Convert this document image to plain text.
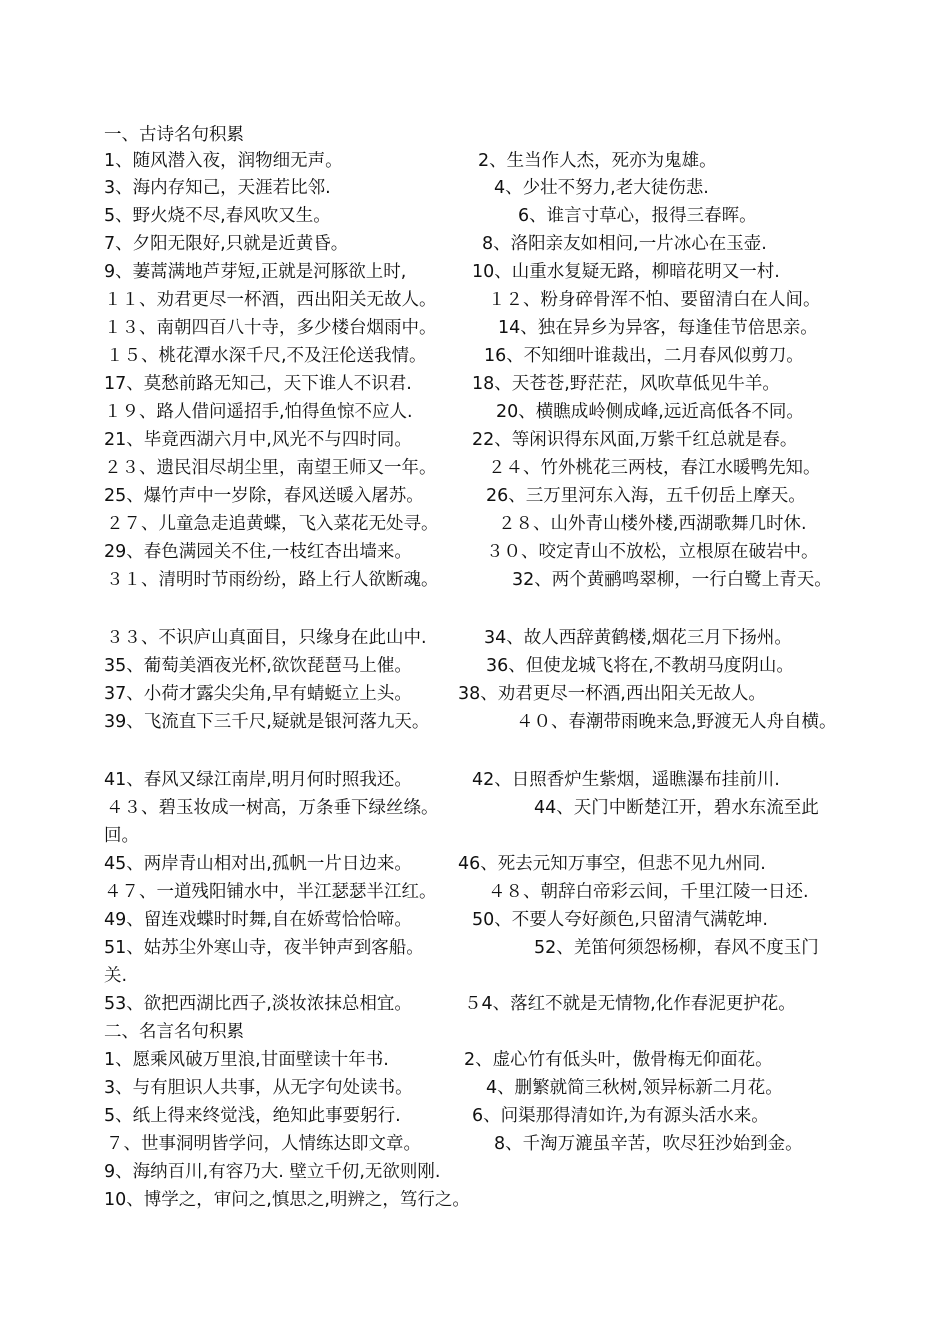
一、古诗名句积累
1、随风潜入夜，润物细无声。	2、生当作人杰，死亦为鬼雄。
3、海内存知己，天涯若比邻.	4、少壮不努力,老大徒伤悲.
5、野火烧不尽,春风吹又生。	6、谁言寸草心，报得三春晖。
7、夕阳无限好,只就是近黄昏。	8、洛阳亲友如相问,一片冰心在玉壶.
9、萋蒿满地芦芽短,正就是河豚欲上时,	10、山重水复疑无路，柳暗花明又一村.
１１、劝君更尽一杯酒，西出阳关无故人。	１２、粉身碎骨浑不怕、要留清白在人间。
１３、南朝四百八十寺，多少楼台烟雨中。	14、独在异乡为异客，每逢佳节倍思亲。
１５、桃花潭水深千尺,不及汪伦送我情。	16、不知细叶谁裁出，二月春风似剪刀。
17、莫愁前路无知己，天下谁人不识君.	18、天苍苍,野茫茫，风吹草低见牛羊。
１９、路人借问遥招手,怕得鱼惊不应人.	20、横瞧成岭侧成峰,远近高低各不同。
21、毕竟西湖六月中,风光不与四时同。	22、等闲识得东风面,万紫千红总就是春。
２３、遗民泪尽胡尘里，南望王师又一年。	２４、竹外桃花三两枝，春江水暖鸭先知。
25、爆竹声中一岁除，春风送暖入屠苏。	26、三万里河东入海，五千仞岳上摩天。
２７、儿童急走追黄蝶，飞入菜花无处寻。	２８、山外青山楼外楼,西湖歌舞几时休.
29、春色满园关不住,一枝红杏出墙来。	３０、咬定青山不放松，立根原在破岩中。
３１、清明时节雨纷纷，路上行人欲断魂。	32、两个黄鹂鸣翠柳，一行白鹭上青天。
３３、不识庐山真面目，只缘身在此山中.	34、故人西辞黄鹤楼,烟花三月下扬州。
35、葡萄美酒夜光杯,欲饮琵琶马上催。	36、但使龙城飞将在,不教胡马度阴山。
37、小荷才露尖尖角,早有蜻蜓立上头。	38、劝君更尽一杯酒,西出阳关无故人。
39、飞流直下三千尺,疑就是银河落九天。	４０、春潮带雨晚来急,野渡无人舟自横。
41、春风又绿江南岸,明月何时照我还。	42、日照香炉生紫烟，遥瞧瀑布挂前川.
４３、碧玉妆成一树高，万条垂下绿丝绦。	44、天门中断楚江开，碧水东流至此
回。
45、两岸青山相对出,孤帆一片日边来。	46、死去元知万事空，但悲不见九州同.
４７、一道残阳铺水中，半江瑟瑟半江红。	４８、朝辞白帝彩云间，千里江陵一日还.
49、留连戏蝶时时舞,自在娇莺恰恰啼。	50、不要人夸好颜色,只留清气满乾坤.
51、姑苏尘外寒山寺，夜半钟声到客船。	52、羌笛何须怨杨柳，春风不度玉门
关.
53、欲把西湖比西子,淡妆浓抹总相宜。	５4、落红不就是无情物,化作春泥更护花。
二、名言名句积累
1、愿乘风破万里浪,甘面壁读十年书.	2、虚心竹有低头叶，傲骨梅无仰面花。
3、与有胆识人共事，从无字句处读书。	4、删繁就简三秋树,领异标新二月花。
5、纸上得来终觉浅，绝知此事要躬行.	6、问渠那得清如许,为有源头活水来。
７、世事洞明皆学问，人情练达即文章。	8、千淘万漉虽辛苦，吹尽狂沙始到金。
9、海纳百川,有容乃大. 壁立千仞,无欲则刚.
10、博学之，审问之,慎思之,明辨之，笃行之。
